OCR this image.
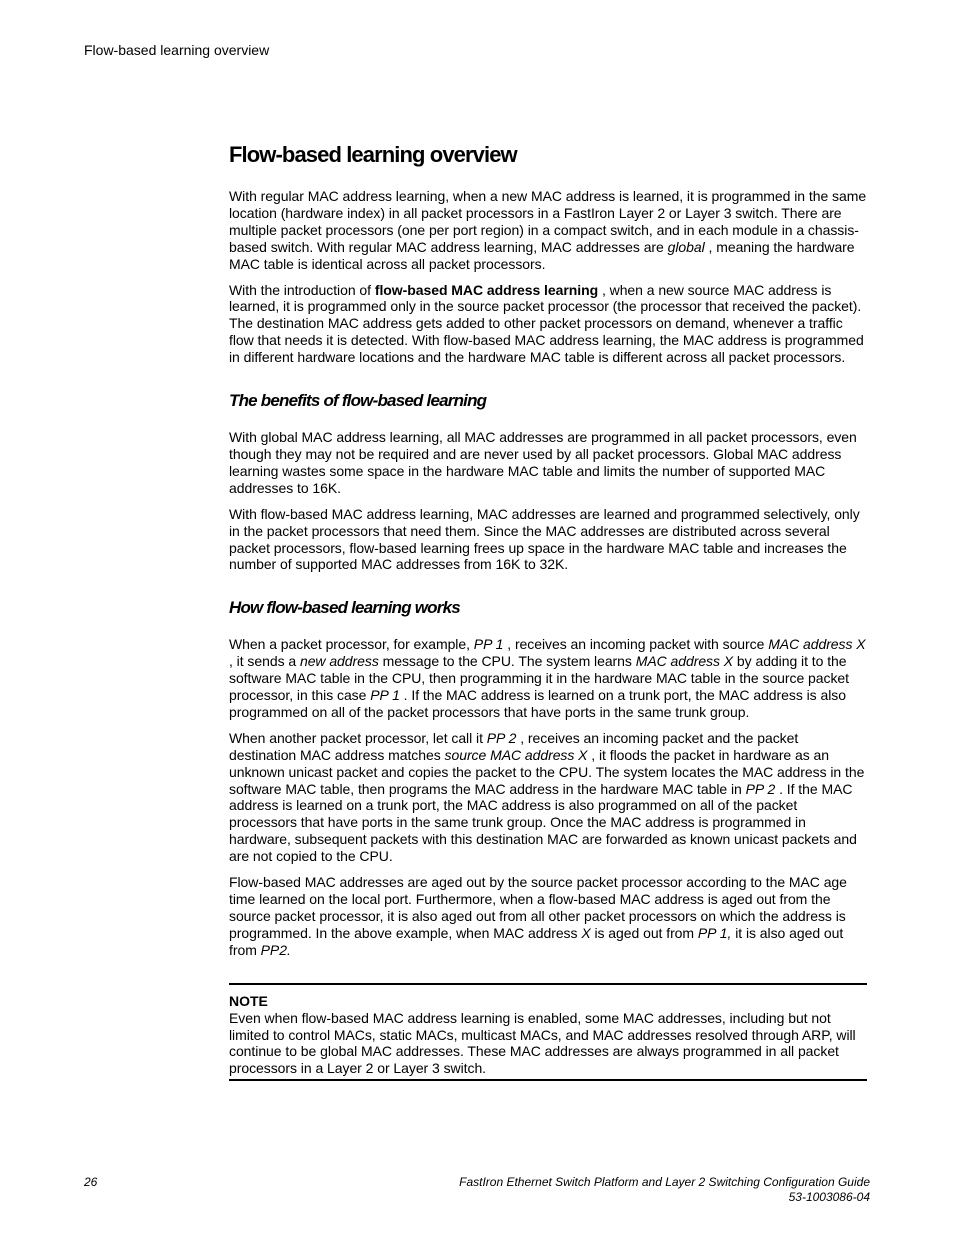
Flow-based learning overview
Flow-based learning overview

With regular MAC address learning, when a new MAC address is learned, it is programmed in the same location (hardware index) in all packet processors in a FastIron Layer 2 or Layer 3 switch. There are multiple packet processors (one per port region) in a compact switch, and in each module in a chassis-based switch. With regular MAC address learning, MAC addresses are global , meaning the hardware MAC table is identical across all packet processors.

With the introduction of flow-based MAC address learning , when a new source MAC address is learned, it is programmed only in the source packet processor (the processor that received the packet). The destination MAC address gets added to other packet processors on demand, whenever a traffic flow that needs it is detected. With flow-based MAC address learning, the MAC address is programmed in different hardware locations and the hardware MAC table is different across all packet processors.

The benefits of flow-based learning

With global MAC address learning, all MAC addresses are programmed in all packet processors, even though they may not be required and are never used by all packet processors. Global MAC address learning wastes some space in the hardware MAC table and limits the number of supported MAC addresses to 16K.

With flow-based MAC address learning, MAC addresses are learned and programmed selectively, only in the packet processors that need them. Since the MAC addresses are distributed across several packet processors, flow-based learning frees up space in the hardware MAC table and increases the number of supported MAC addresses from 16K to 32K.

How flow-based learning works

When a packet processor, for example, PP 1 , receives an incoming packet with source MAC address X , it sends a new address message to the CPU. The system learns MAC address X by adding it to the software MAC table in the CPU, then programming it in the hardware MAC table in the source packet processor, in this case PP 1 . If the MAC address is learned on a trunk port, the MAC address is also programmed on all of the packet processors that have ports in the same trunk group.

When another packet processor, let call it PP 2 , receives an incoming packet and the packet destination MAC address matches source MAC address X , it floods the packet in hardware as an unknown unicast packet and copies the packet to the CPU. The system locates the MAC address in the software MAC table, then programs the MAC address in the hardware MAC table in PP 2 . If the MAC address is learned on a trunk port, the MAC address is also programmed on all of the packet processors that have ports in the same trunk group. Once the MAC address is programmed in hardware, subsequent packets with this destination MAC are forwarded as known unicast packets and are not copied to the CPU.

Flow-based MAC addresses are aged out by the source packet processor according to the MAC age time learned on the local port. Furthermore, when a flow-based MAC address is aged out from the source packet processor, it is also aged out from all other packet processors on which the address is programmed. In the above example, when MAC address X is aged out from PP 1, it is also aged out from PP2.

NOTE

Even when flow-based MAC address learning is enabled, some MAC addresses, including but not limited to control MACs, static MACs, multicast MACs, and MAC addresses resolved through ARP, will continue to be global MAC addresses. These MAC addresses are always programmed in all packet processors in a Layer 2 or Layer 3 switch.

26	FastIron Ethernet Switch Platform and Layer 2 Switching Configuration Guide
53-1003086-04
